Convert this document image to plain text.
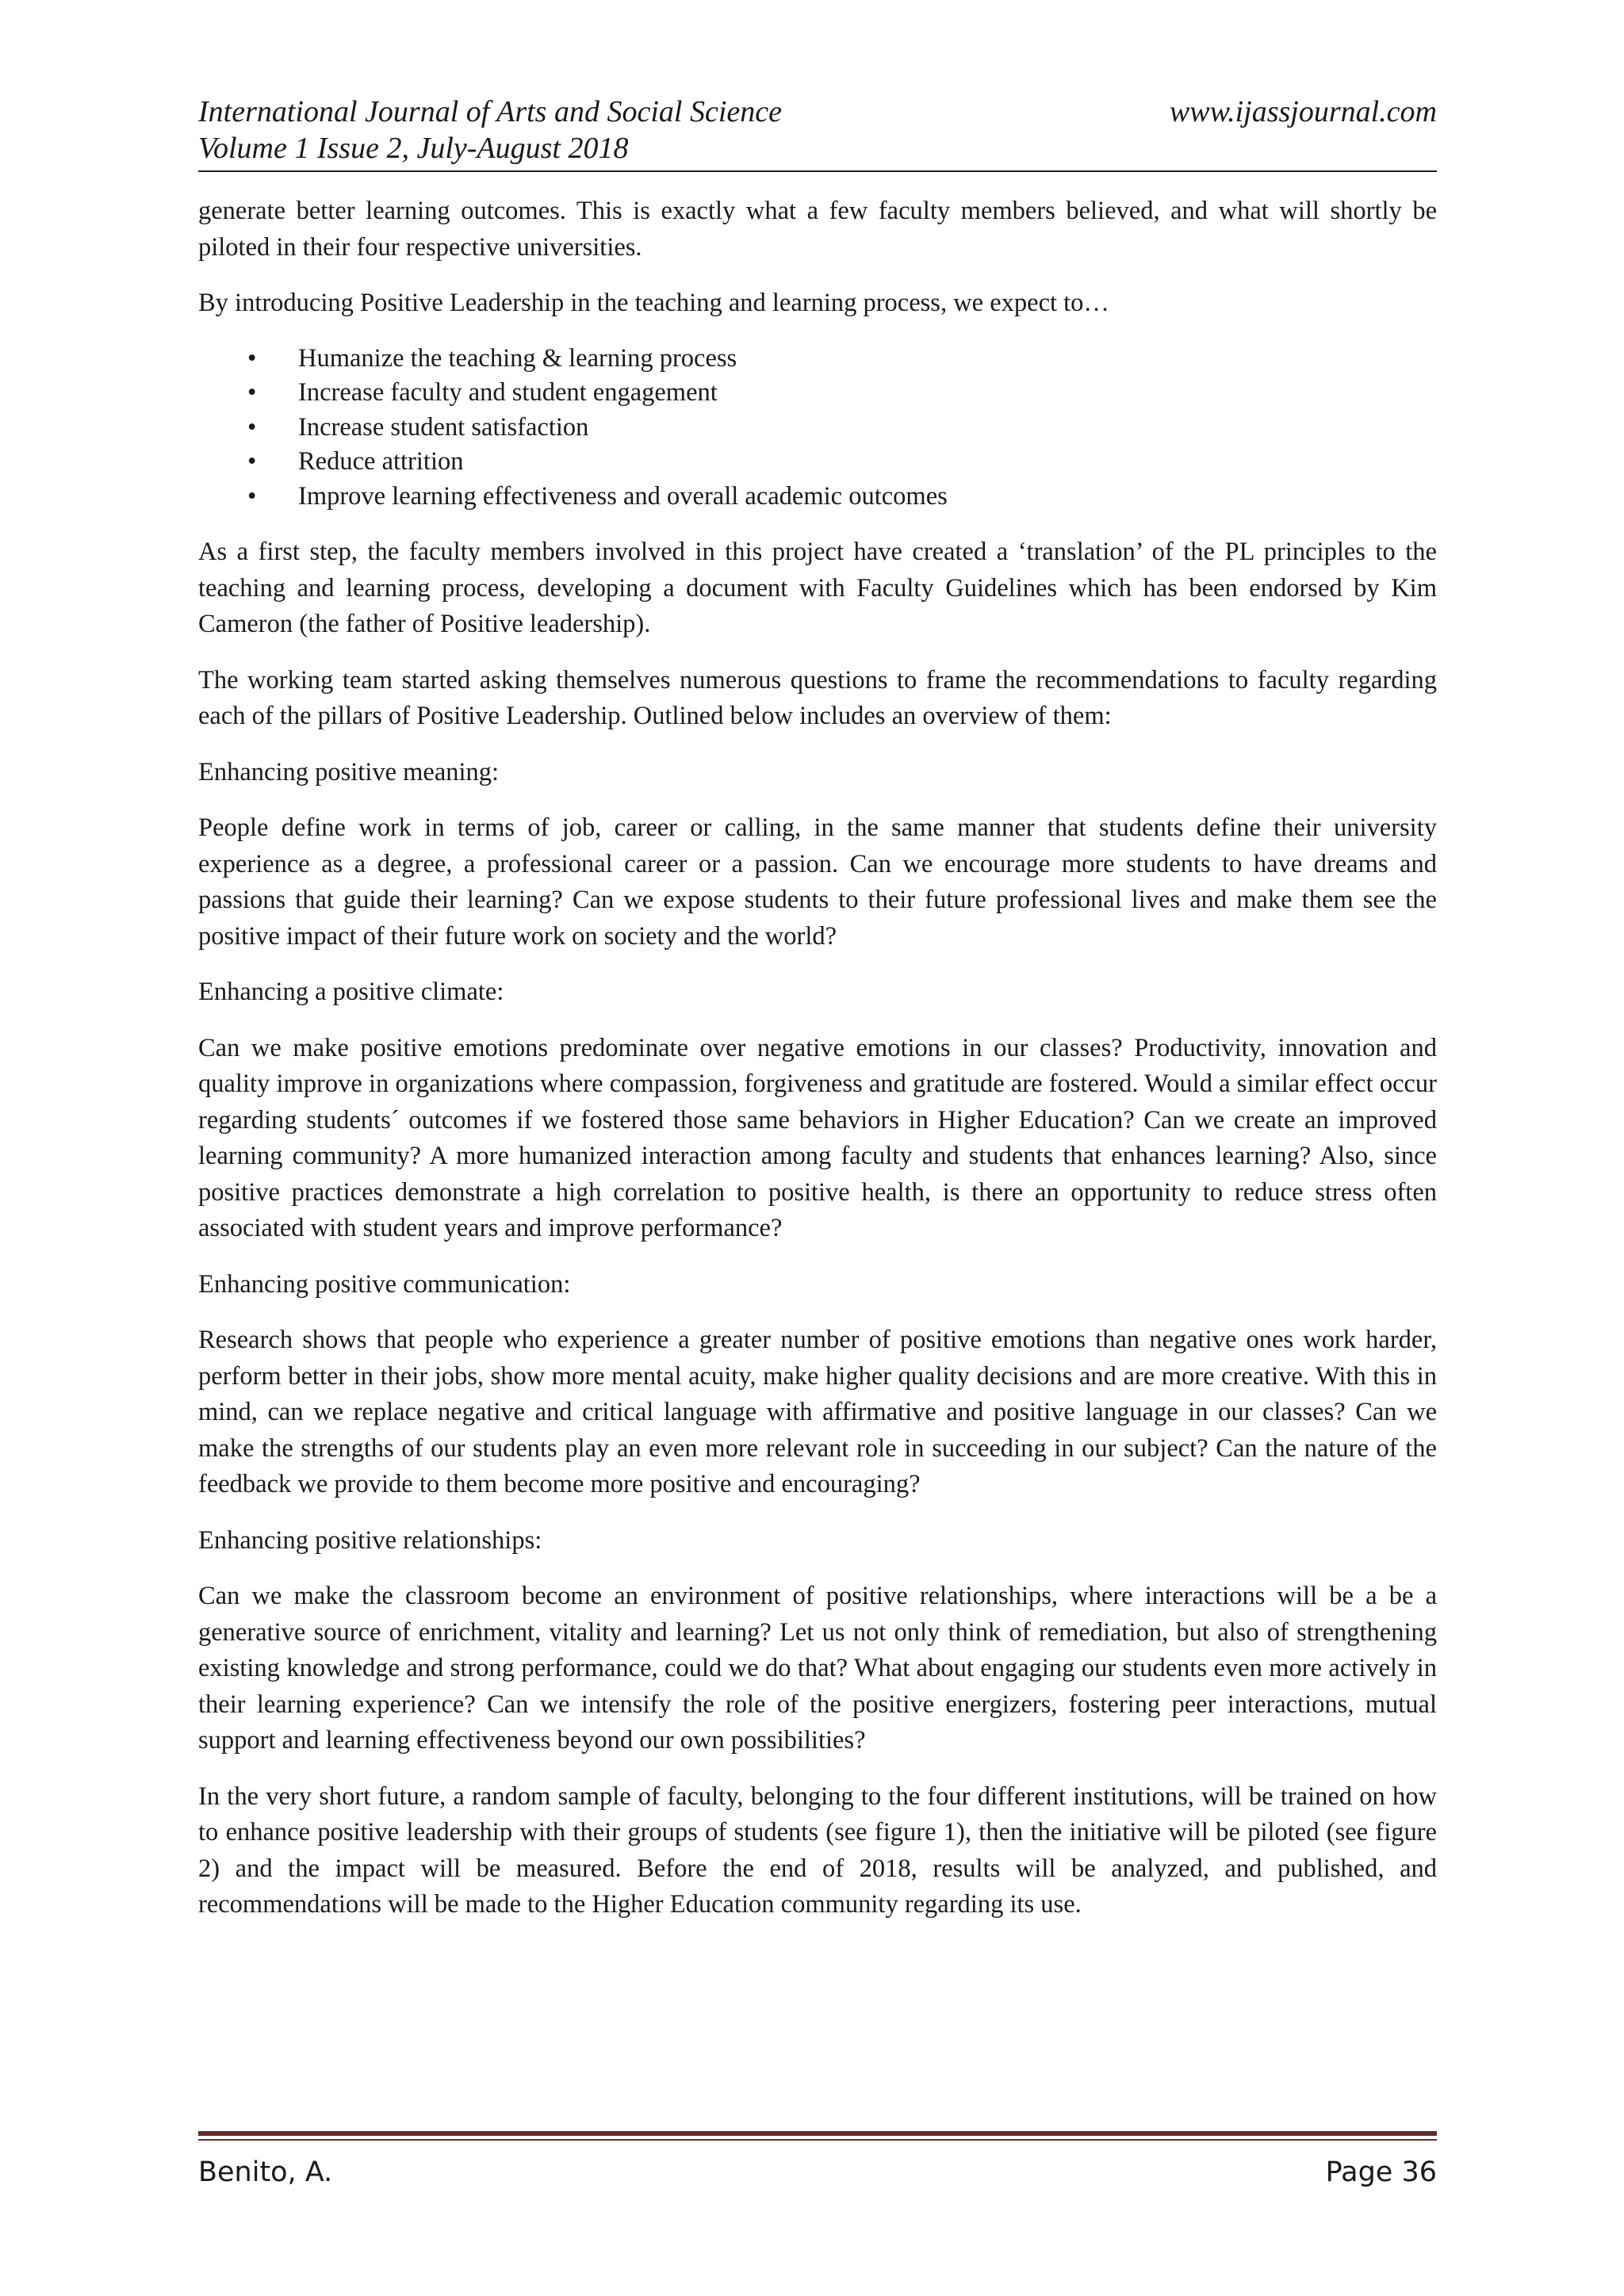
International Journal of Arts and Social Science	www.ijassjournal.com
Volume 1 Issue 2, July-August 2018

generate better learning outcomes. This is exactly what a few faculty members believed, and what will shortly be piloted in their four respective universities.

By introducing Positive Leadership in the teaching and learning process, we expect to…

• Humanize the teaching & learning process
• Increase faculty and student engagement
• Increase student satisfaction
• Reduce attrition
• Improve learning effectiveness and overall academic outcomes

As a first step, the faculty members involved in this project have created a ‘translation’ of the PL principles to the teaching and learning process, developing a document with Faculty Guidelines which has been endorsed by Kim Cameron (the father of Positive leadership).

The working team started asking themselves numerous questions to frame the recommendations to faculty regarding each of the pillars of Positive Leadership. Outlined below includes an overview of them:

Enhancing positive meaning:

People define work in terms of job, career or calling, in the same manner that students define their university experience as a degree, a professional career or a passion. Can we encourage more students to have dreams and passions that guide their learning? Can we expose students to their future professional lives and make them see the positive impact of their future work on society and the world?

Enhancing a positive climate:

Can we make positive emotions predominate over negative emotions in our classes? Productivity, innovation and quality improve in organizations where compassion, forgiveness and gratitude are fostered. Would a similar effect occur regarding students´ outcomes if we fostered those same behaviors in Higher Education? Can we create an improved learning community? A more humanized interaction among faculty and students that enhances learning? Also, since positive practices demonstrate a high correlation to positive health, is there an opportunity to reduce stress often associated with student years and improve performance?

Enhancing positive communication:

Research shows that people who experience a greater number of positive emotions than negative ones work harder, perform better in their jobs, show more mental acuity, make higher quality decisions and are more creative. With this in mind, can we replace negative and critical language with affirmative and positive language in our classes? Can we make the strengths of our students play an even more relevant role in succeeding in our subject? Can the nature of the feedback we provide to them become more positive and encouraging?

Enhancing positive relationships:

Can we make the classroom become an environment of positive relationships, where interactions will be a be a generative source of enrichment, vitality and learning? Let us not only think of remediation, but also of strengthening existing knowledge and strong performance, could we do that? What about engaging our students even more actively in their learning experience? Can we intensify the role of the positive energizers, fostering peer interactions, mutual support and learning effectiveness beyond our own possibilities?

In the very short future, a random sample of faculty, belonging to the four different institutions, will be trained on how to enhance positive leadership with their groups of students (see figure 1), then the initiative will be piloted (see figure 2) and the impact will be measured. Before the end of 2018, results will be analyzed, and published, and recommendations will be made to the Higher Education community regarding its use.

Benito, A.	Page 36
